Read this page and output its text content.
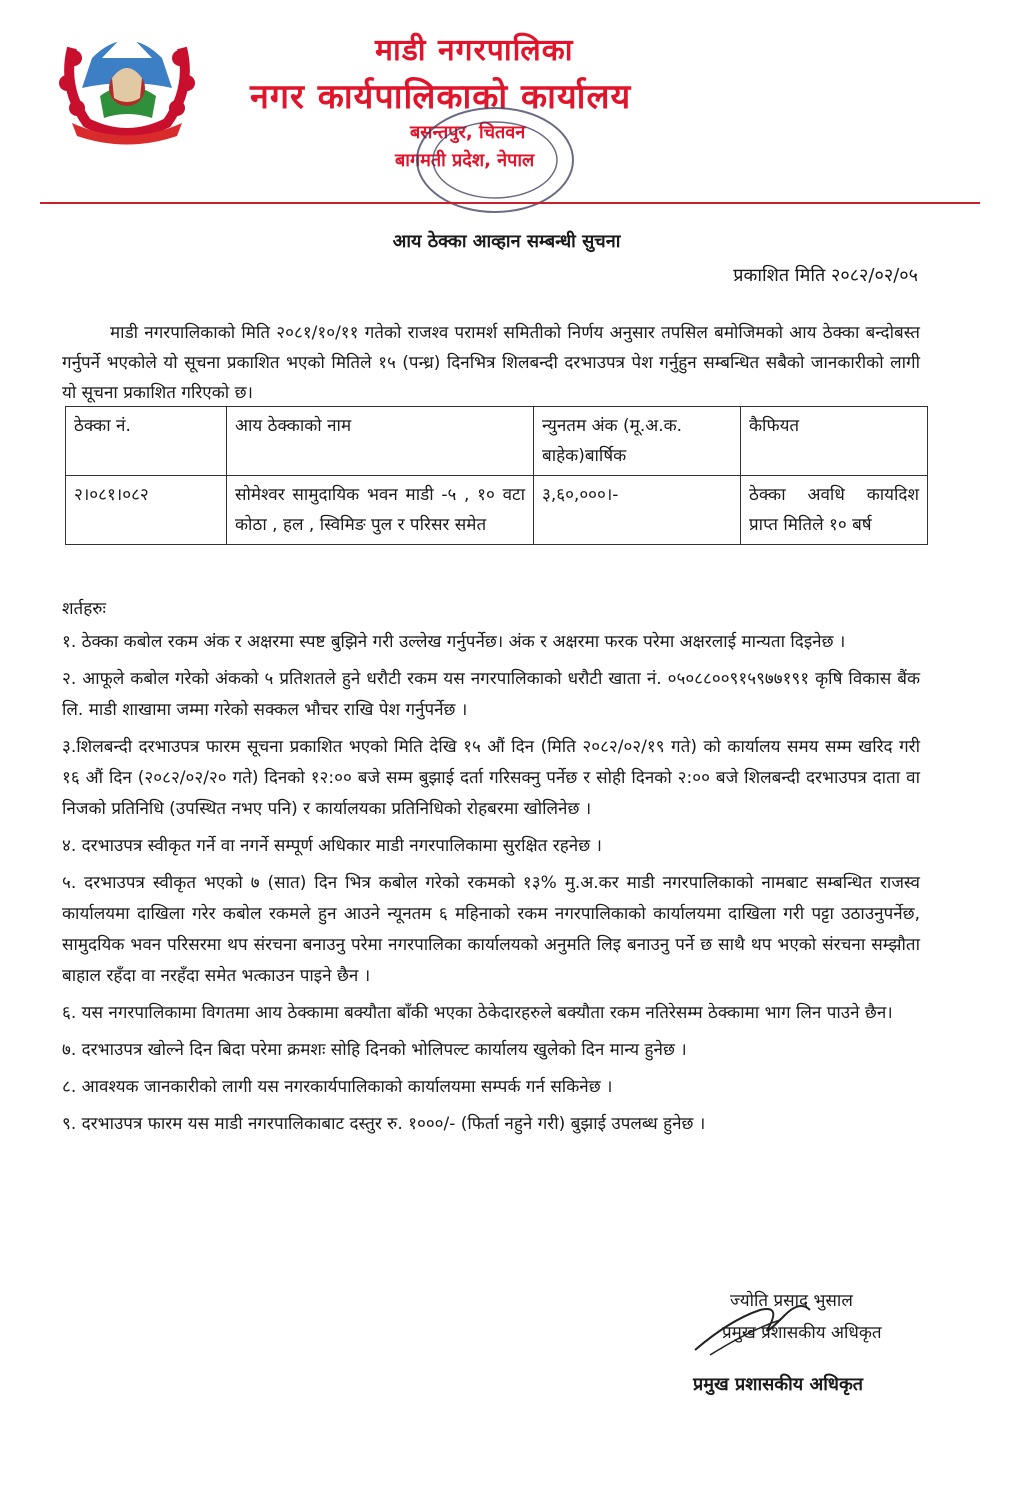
माडी नगरपालिका
नगर कार्यपालिकाको कार्यालय
बसन्तपुर, चितवन
बागमती प्रदेश, नेपाल
आय ठेक्का आव्हान सम्बन्धी सुचना
प्रकाशित मिति २०८२/०२/०५
माडी नगरपालिकाको मिति २०८१/१०/११ गतेको राजश्व परामर्श समितीको निर्णय अनुसार तपसिल बमोजिमको आय ठेक्का बन्दोबस्त गर्नुपर्ने भएकोले यो सूचना प्रकाशित भएको मितिले १५ (पन्ध्र) दिनभित्र शिलबन्दी दरभाउपत्र पेश गर्नुहुन सम्बन्धित सबैको जानकारीको लागी यो सूचना प्रकाशित गरिएको छ।
ठेक्का नं.	आय ठेक्काको नाम	न्युनतम अंक (मू.अ.क. बाहेक)बार्षिक	कैफियत
२।०८१।०८२	सोमेश्वर सामुदायिक भवन माडी -५ , १० वटा कोठा , हल , स्विमिङ पुल र परिसर समेत	३,६०,०००।-	ठेक्का अवधि कायदिश प्राप्त मितिले १० बर्ष
शर्तहरुः
१. ठेक्का कबोल रकम अंक र अक्षरमा स्पष्ट बुझिने गरी उल्लेख गर्नुपर्नेछ। अंक र अक्षरमा फरक परेमा अक्षरलाई मान्यता दिइनेछ ।
२. आफूले कबोल गरेको अंकको ५ प्रतिशतले हुने धरौटी रकम यस नगरपालिकाको धरौटी खाता नं. ०५०८८००९१५९७७१९१ कृषि विकास बैंक लि. माडी शाखामा जम्मा गरेको सक्कल भौचर राखि पेश गर्नुपर्नेछ ।
३.शिलबन्दी दरभाउपत्र फारम सूचना प्रकाशित भएको मिति देखि १५ औं दिन (मिति २०८२/०२/१९ गते) को कार्यालय समय सम्म खरिद गरी १६ औं दिन (२०८२/०२/२० गते) दिनको १२:०० बजे सम्म बुझाई दर्ता गरिसक्नु पर्नेछ र सोही दिनको २:०० बजे शिलबन्दी दरभाउपत्र दाता वा निजको प्रतिनिधि (उपस्थित नभए पनि) र कार्यालयका प्रतिनिधिको रोहबरमा खोलिनेछ ।
४. दरभाउपत्र स्वीकृत गर्ने वा नगर्ने सम्पूर्ण अधिकार माडी नगरपालिकामा सुरक्षित रहनेछ ।
५. दरभाउपत्र स्वीकृत भएको ७ (सात) दिन भित्र कबोल गरेको रकमको १३% मु.अ.कर माडी नगरपालिकाको नामबाट सम्बन्धित राजस्व कार्यालयमा दाखिला गरेर कबोल रकमले हुन आउने न्यूनतम ६ महिनाको रकम नगरपालिकाको कार्यालयमा दाखिला गरी पट्टा उठाउनुपर्नेछ, सामुदयिक भवन परिसरमा थप संरचना बनाउनु परेमा नगरपालिका कार्यालयको अनुमति लिइ बनाउनु पर्ने छ साथै थप भएको संरचना सम्झौता बाहाल रहँदा वा नरहँदा समेत भत्काउन पाइने छैन ।
६. यस नगरपालिकामा विगतमा आय ठेक्कामा बक्यौता बाँकी भएका ठेकेदारहरुले बक्यौता रकम नतिरेसम्म ठेक्कामा भाग लिन पाउने छैन।
७. दरभाउपत्र खोल्ने दिन बिदा परेमा क्रमशः सोहि दिनको भोलिपल्ट कार्यालय खुलेको दिन मान्य हुनेछ ।
८. आवश्यक जानकारीको लागी यस नगरकार्यपालिकाको कार्यालयमा सम्पर्क गर्न सकिनेछ ।
९. दरभाउपत्र फारम यस माडी नगरपालिकाबाट दस्तुर रु. १०००/- (फिर्ता नहुने गरी) बुझाई उपलब्ध हुनेछ ।
ज्योति प्रसाद भुसाल
प्रमुख प्रशासकीय अधिकृत
प्रमुख प्रशासकीय अधिकृत
